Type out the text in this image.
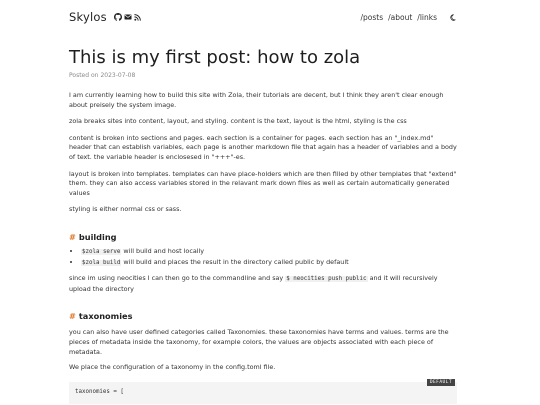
Skylos	/posts /about /links
This is my first post: how to zola
Posted on 2023-07-08

I am currently learning how to build this site with Zola, their tutorials are decent, but I think they aren't clear enough about preisely the system image.

zola breaks sites into content, layout, and styling. content is the text, layout is the html, styling is the css

content is broken into sections and pages. each section is a container for pages. each section has an "_index.md" header that can establish variables, each page is another markdown file that again has a header of variables and a body of text. the variable header is enclosesed in "+++"-es.

layout is broken into templates. templates can have place-holders which are then filled by other templates that "extend" them. they can also access variables stored in the relavant mark down files as well as certain automatically generated values

styling is either normal css or sass.

# building
• $zola serve will build and host locally
• $zola build will build and places the result in the directory called public by default

since im using neocities I can then go to the commandline and say $ neocities push public and it will recursively upload the directory

# taxonomies

you can also have user defined categories called Taxonomies. these taxonomies have terms and values. terms are the pieces of metadata inside the taxonomy, for example colors, the values are objects associated with each piece of metadata.

We place the configuration of a taxonomy in the config.toml file.

DEFAULT
taxonomies = [
